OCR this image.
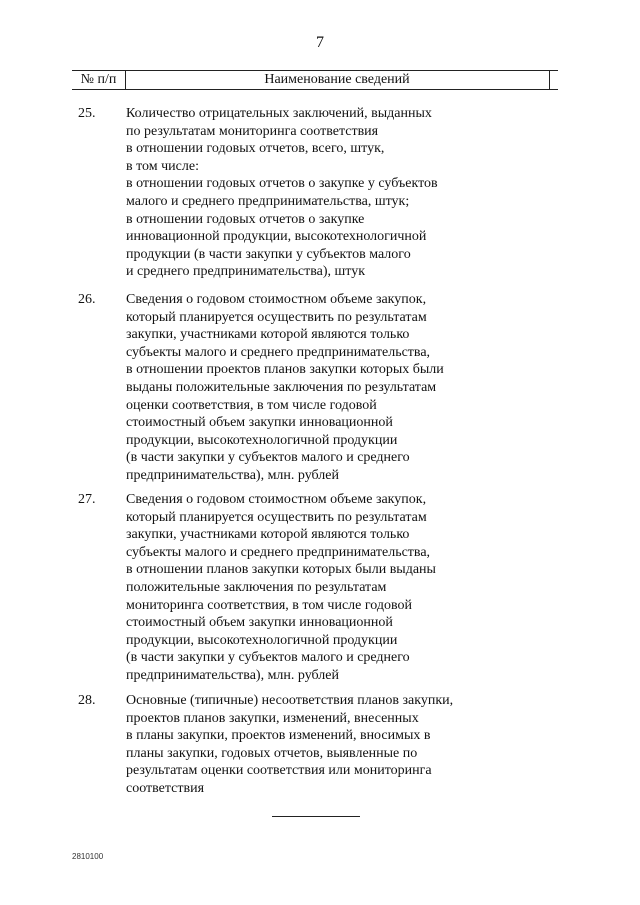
7
№ п/п	Наименование сведений
25.	Количество отрицательных заключений, выданных
по результатам мониторинга соответствия
в отношении годовых отчетов, всего, штук,
в том числе:
в отношении годовых отчетов о закупке у субъектов
малого и среднего предпринимательства, штук;
в отношении годовых отчетов о закупке
инновационной продукции, высокотехнологичной
продукции (в части закупки у субъектов малого
и среднего предпринимательства), штук
26.	Сведения о годовом стоимостном объеме закупок,
который планируется осуществить по результатам
закупки, участниками которой являются только
субъекты малого и среднего предпринимательства,
в отношении проектов планов закупки которых были
выданы положительные заключения по результатам
оценки соответствия, в том числе годовой
стоимостный объем закупки инновационной
продукции, высокотехнологичной продукции
(в части закупки у субъектов малого и среднего
предпринимательства), млн. рублей
27.	Сведения о годовом стоимостном объеме закупок,
который планируется осуществить по результатам
закупки, участниками которой являются только
субъекты малого и среднего предпринимательства,
в отношении планов закупки которых были выданы
положительные заключения по результатам
мониторинга соответствия, в том числе годовой
стоимостный объем закупки инновационной
продукции, высокотехнологичной продукции
(в части закупки у субъектов малого и среднего
предпринимательства), млн. рублей
28.	Основные (типичные) несоответствия планов закупки,
проектов планов закупки, изменений, внесенных
в планы закупки, проектов изменений, вносимых в
планы закупки, годовых отчетов, выявленные по
результатам оценки соответствия или мониторинга
соответствия
2810100
